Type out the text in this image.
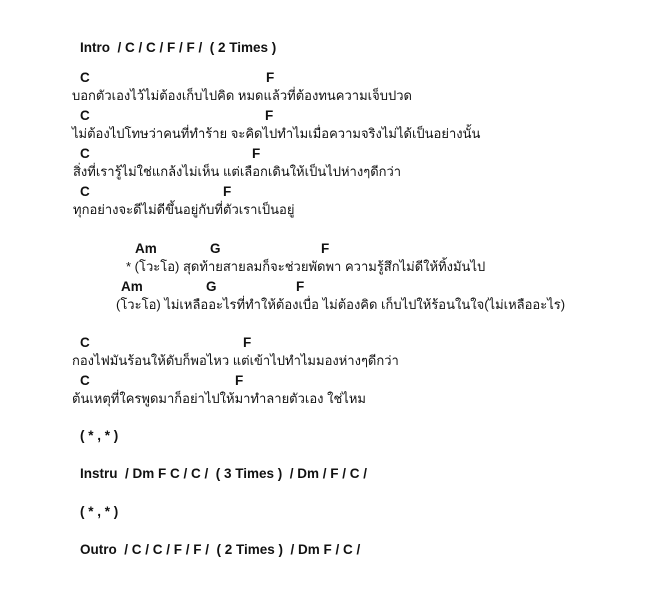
Intro  / C / C / F / F /  ( 2 Times )
C	F
บอกตัวเองไว้ไม่ต้องเก็บไปคิด หมดแล้วที่ต้องทนความเจ็บปวด
C	F
ไม่ต้องไปโทษว่าคนที่ทำร้าย จะคิดไปทำไมเมื่อความจริงไม่ได้เป็นอย่างนั้น
C	F
สิ่งที่เรารู้ไม่ใช่แกล้งไม่เห็น แต่เลือกเดินให้เป็นไปห่างๆดีกว่า
C	F
ทุกอย่างจะดีไม่ดีขึ้นอยู่กับที่ตัวเราเป็นอยู่
Am	G	F
* (โวะโอ) สุดท้ายสายลมก็จะช่วยพัดพา ความรู้สึกไม่ดีให้ทิ้งมันไป
Am	G	F
(โวะโอ) ไม่เหลืออะไรที่ทำให้ต้องเบื่อ ไม่ต้องคิด เก็บไปให้ร้อนในใจ(ไม่เหลืออะไร)
C	F
กองไฟมันร้อนให้ดับก็พอไหว แต่เข้าไปทำไมมองห่างๆดีกว่า
C	F
ต้นเหตุที่ใครพูดมาก็อย่าไปให้มาทำลายตัวเอง ใช่ไหม
( * , * )
Instru  / Dm F C / C /  ( 3 Times )  / Dm / F / C /
( * , * )
Outro  / C / C / F / F /  ( 2 Times )  / Dm F / C /
